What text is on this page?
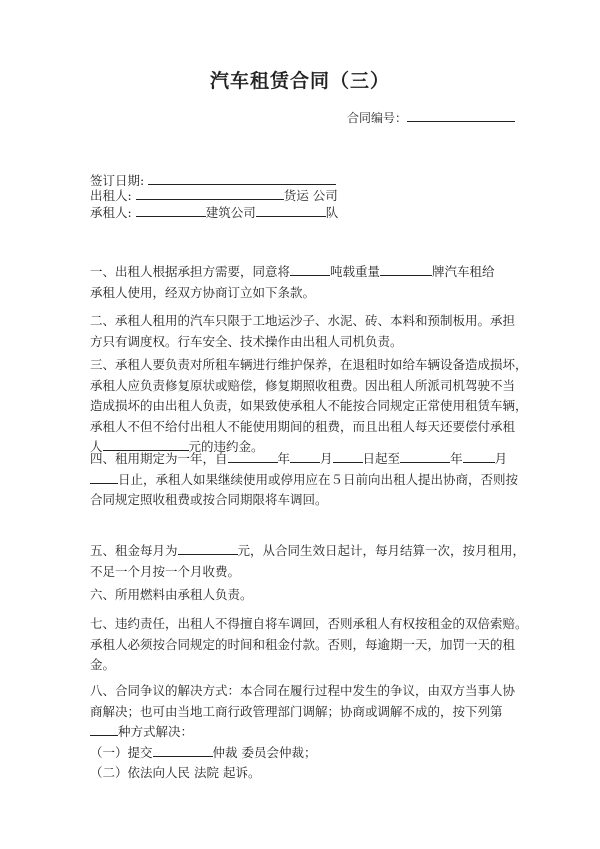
汽车租赁合同（三）
合同编号：
签订日期:
出租人:	货运 公司
承租人:	建筑公司	队

一、出租人根据承担方需要，同意将	吨载重量	牌汽车租给

承租人使用，经双方协商订立如下条款。

二、承租人租用的汽车只限于工地运沙子、水泥、砖、本料和预制板用。承担

方只有调度权。行车安全、技术操作由出租人司机负责。

三、承租人要负责对所租车辆进行维护保养，在退租时如给车辆设备造成损坏，

承租人应负责修复原状或赔偿，修复期照收租费。因出租人所派司机驾驶不当

造成损坏的由出租人负责，如果致使承租人不能按合同规定正常使用租赁车辆，

承租人不但不给付出租人不能使用期间的租费，而且出租人每天还要偿付承租

人	元的违约金。

四、租用期定为一年，自	年 月 日起至	年	月

日止，承租人如果继续使用或停用应在５日前向出租人提出协商，否则按

合同规定照收租费或按合同期限将车调回。

五、租金每月为	元，从合同生效日起计，每月结算一次，按月租用，

不足一个月按一个月收费。

六、所用燃料由承租人负责。

七、违约责任，出租人不得擅自将车调回，否则承租人有权按租金的双倍索赔。

承租人必须按合同规定的时间和租金付款。否则，每逾期一天，加罚一天的租

金。

八、合同争议的解决方式：本合同在履行过程中发生的争议，由双方当事人协

商解决；也可由当地工商行政管理部门调解；协商或调解不成的，按下列第

种方式解决：

（一）提交	仲裁 委员会仲裁；

（二）依法向人民 法院 起诉。
